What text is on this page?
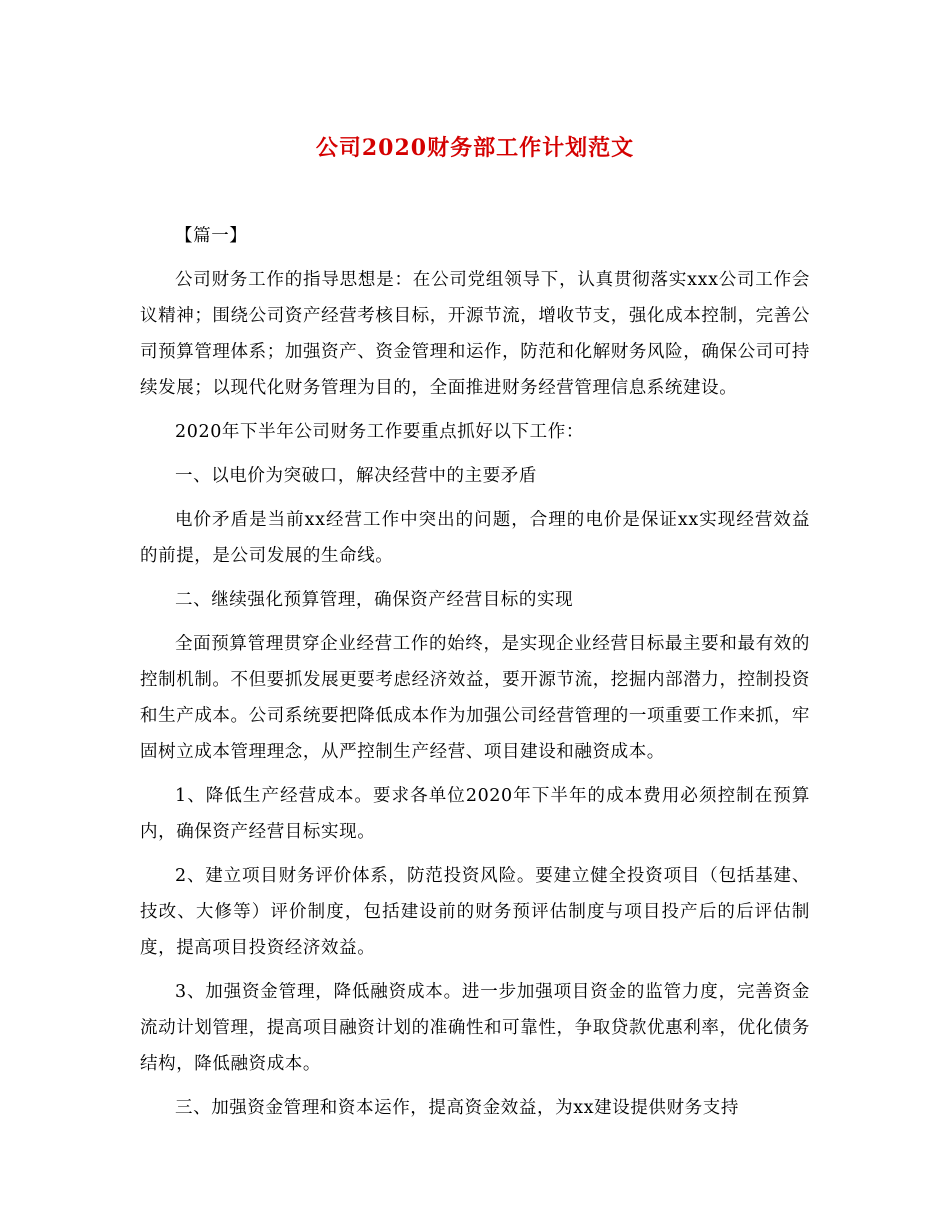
公司2020财务部工作计划范文

【篇一】

公司财务工作的指导思想是：在公司党组领导下，认真贯彻落实xxx公司工作会议精神；围绕公司资产经营考核目标，开源节流，增收节支，强化成本控制，完善公司预算管理体系；加强资产、资金管理和运作，防范和化解财务风险，确保公司可持续发展；以现代化财务管理为目的，全面推进财务经营管理信息系统建设。

2020年下半年公司财务工作要重点抓好以下工作：

一、以电价为突破口，解决经营中的主要矛盾

电价矛盾是当前xx经营工作中突出的问题，合理的电价是保证xx实现经营效益的前提，是公司发展的生命线。

二、继续强化预算管理，确保资产经营目标的实现

全面预算管理贯穿企业经营工作的始终，是实现企业经营目标最主要和最有效的控制机制。不但要抓发展更要考虑经济效益，要开源节流，挖掘内部潜力，控制投资和生产成本。公司系统要把降低成本作为加强公司经营管理的一项重要工作来抓，牢固树立成本管理理念，从严控制生产经营、项目建设和融资成本。

1、降低生产经营成本。要求各单位2020年下半年的成本费用必须控制在预算内，确保资产经营目标实现。

2、建立项目财务评价体系，防范投资风险。要建立健全投资项目（包括基建、技改、大修等）评价制度，包括建设前的财务预评估制度与项目投产后的后评估制度，提高项目投资经济效益。

3、加强资金管理，降低融资成本。进一步加强项目资金的监管力度，完善资金流动计划管理，提高项目融资计划的准确性和可靠性，争取贷款优惠利率，优化债务结构，降低融资成本。

三、加强资金管理和资本运作，提高资金效益，为xx建设提供财务支持
